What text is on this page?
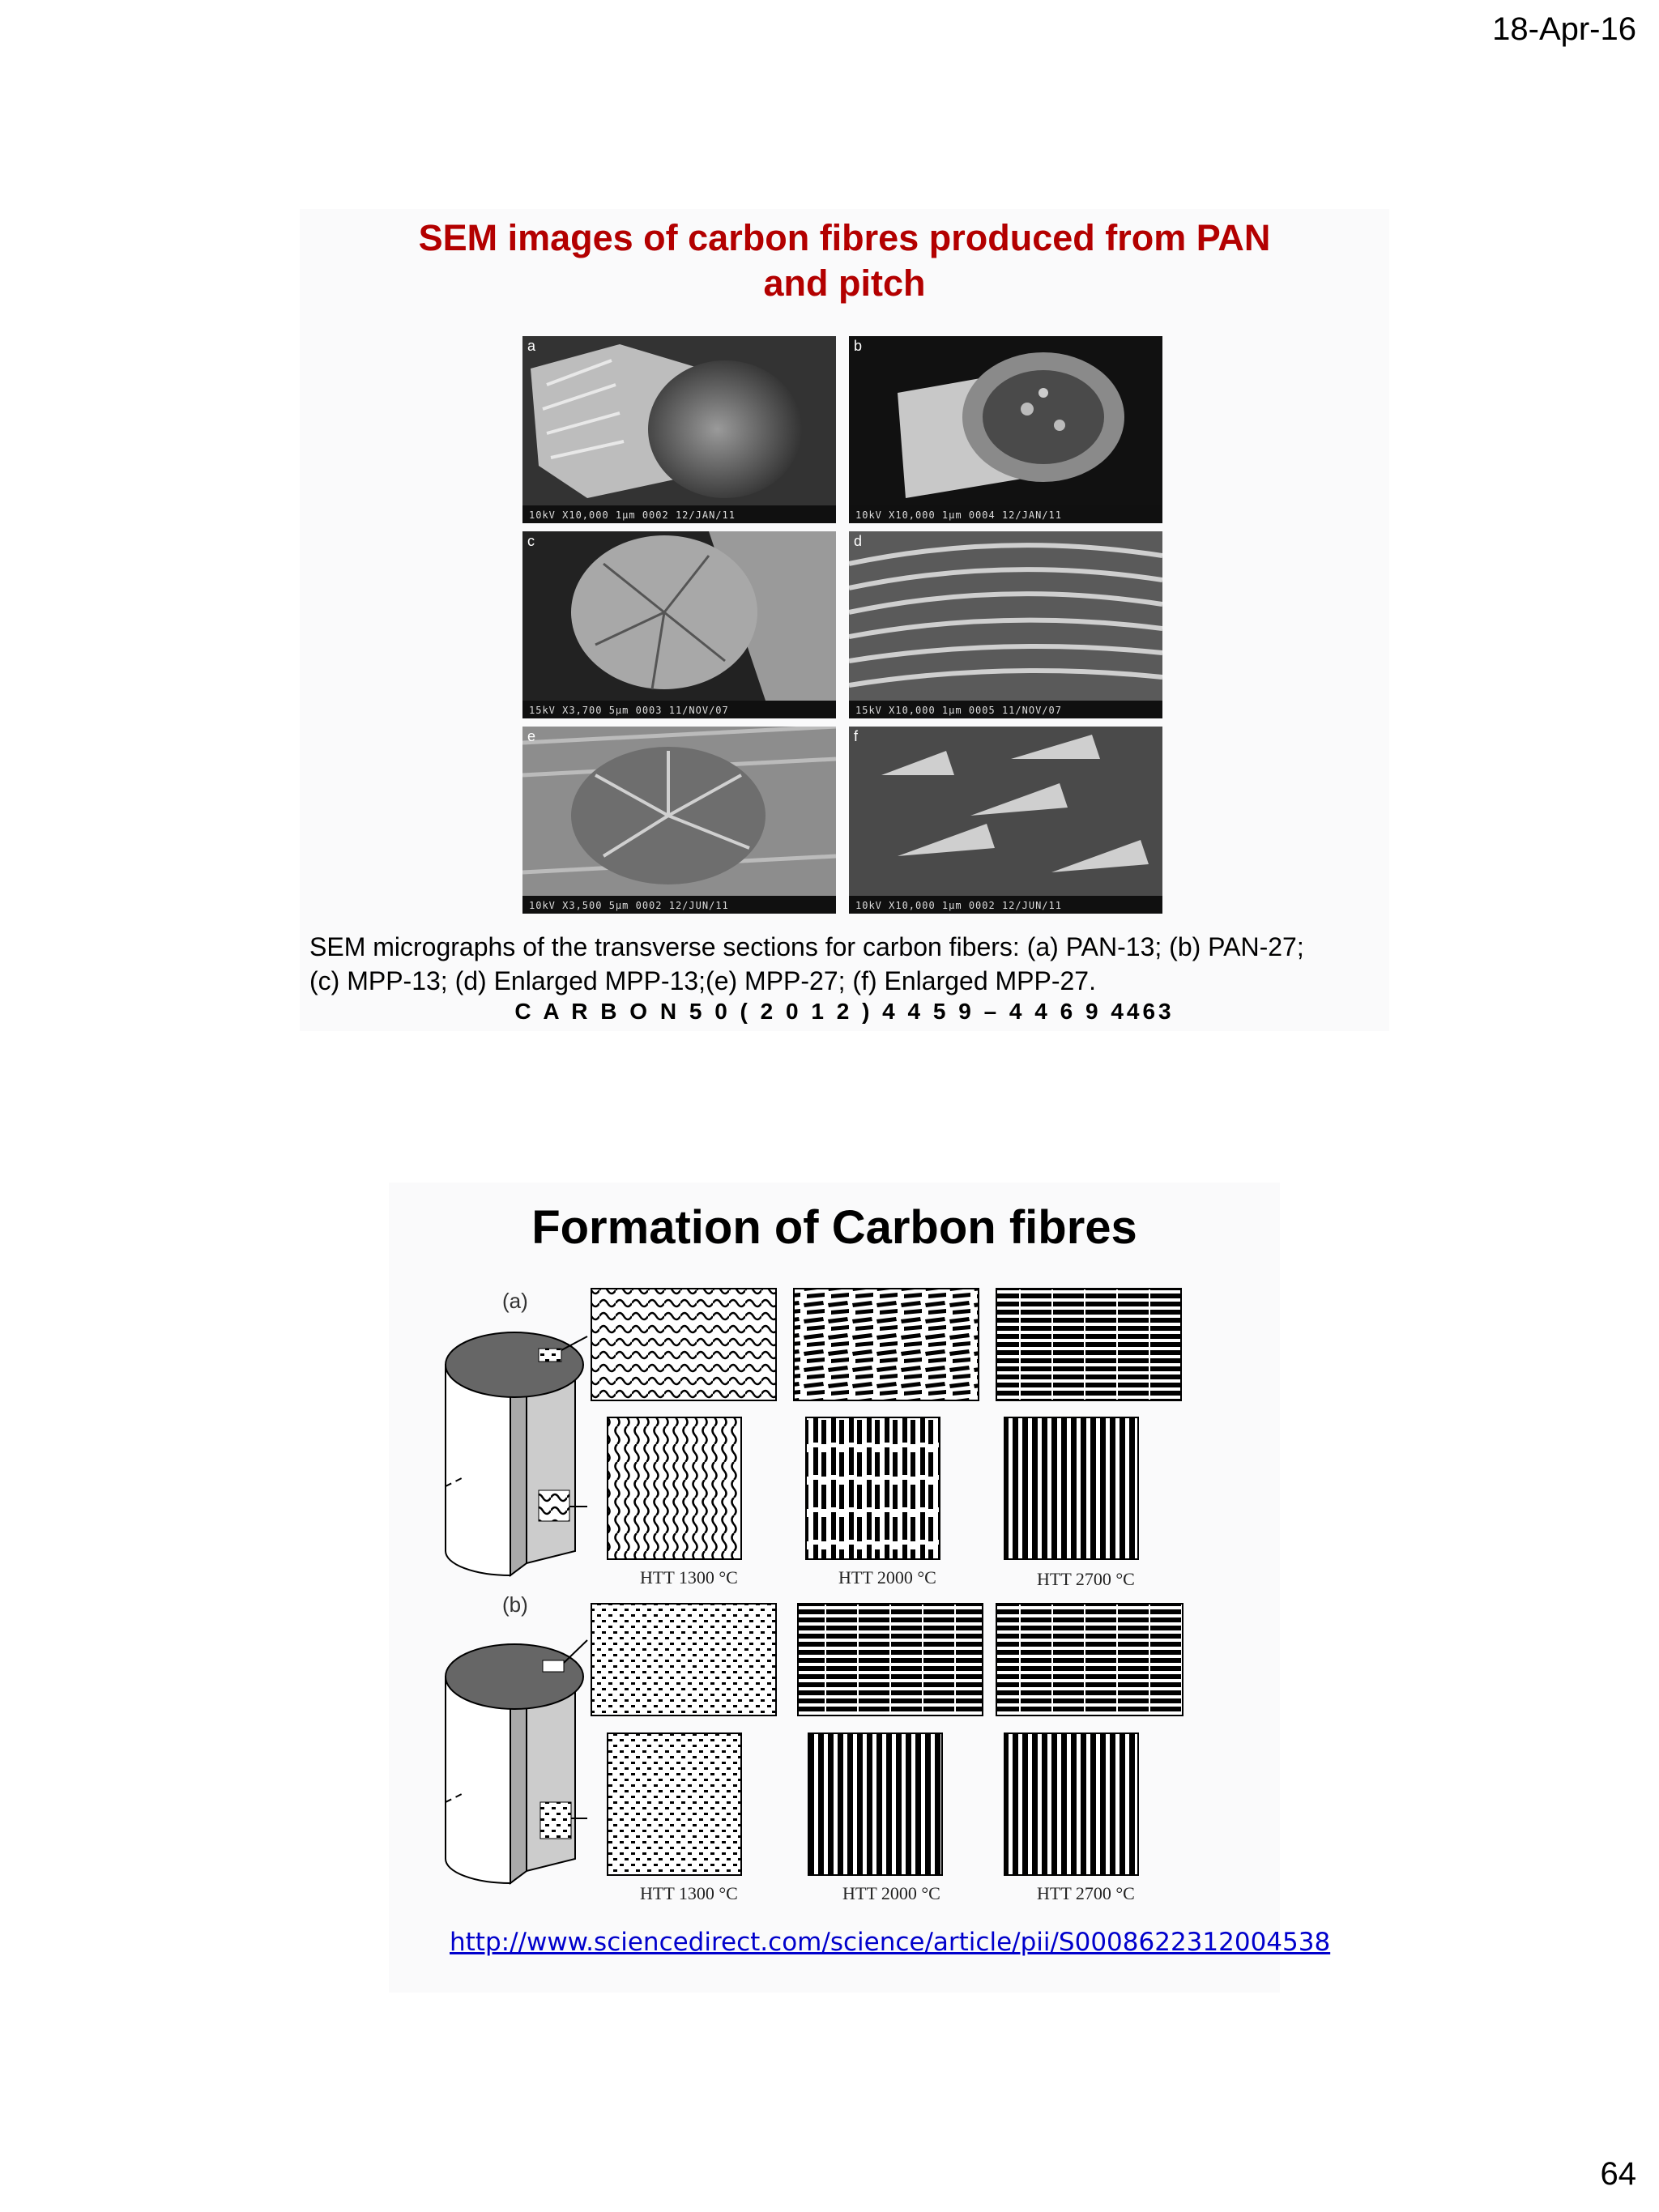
18-Apr-16
SEM images of carbon fibres produced from PAN
and pitch
a
10kV X10,000 1μm 0002 12/JAN/11
b
10kV X10,000 1μm 0004 12/JAN/11
c
15kV X3,700 5μm 0003 11/NOV/07
d
15kV X10,000 1μm 0005 11/NOV/07
e
10kV X3,500 5μm 0002 12/JUN/11
f
10kV X10,000 1μm 0002 12/JUN/11
SEM micrographs of the transverse sections for carbon fibers: (a) PAN-13; (b) PAN-27;
(c) MPP-13; (d) Enlarged MPP-13;(e) MPP-27; (f) Enlarged MPP-27.
C A R B O N 5 0 ( 2 0 1 2 ) 4 4 5 9 – 4 4 6 9 4463
Formation of Carbon fibres
(a)
HTT 1300 °C	HTT 2000 °C	HTT 2700 °C
(b)
HTT 1300 °C	HTT 2000 °C	HTT 2700 °C
http://www.sciencedirect.com/science/article/pii/S0008622312004538
64
